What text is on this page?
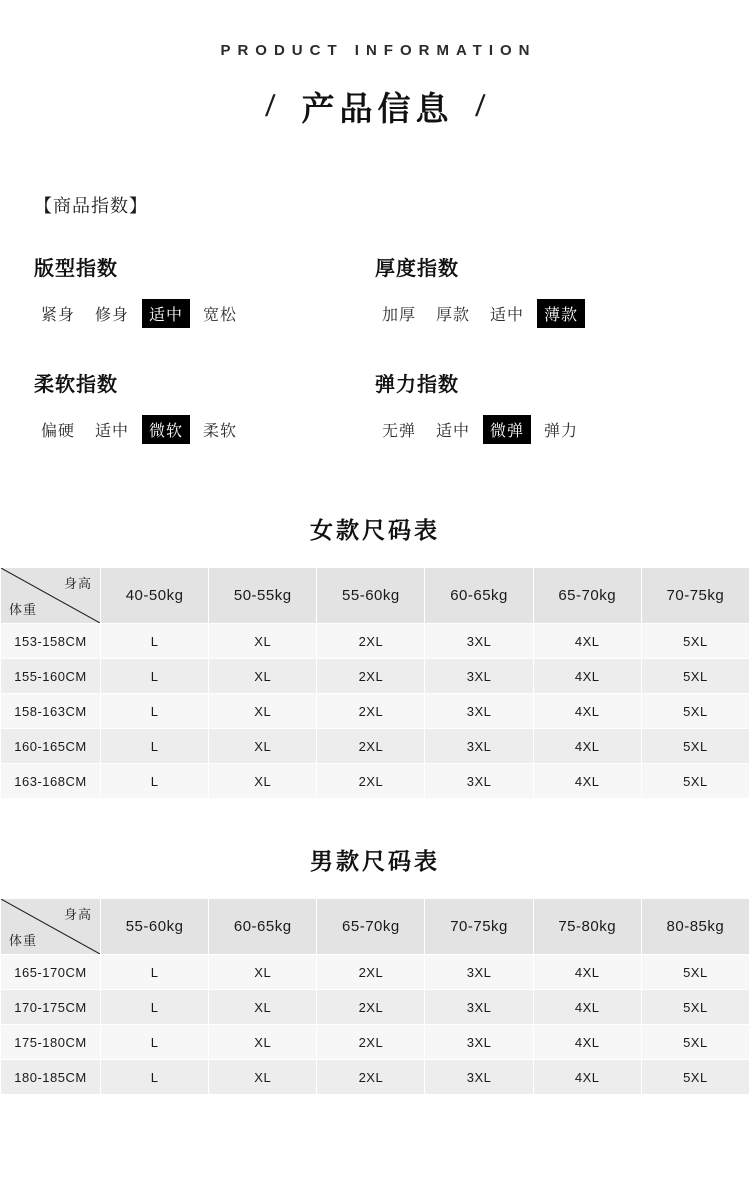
PRODUCT INFORMATION
/ 产品信息 /
【商品指数】
版型指数
紧身	修身	适中	宽松
厚度指数
加厚	厚款	适中	薄款
柔软指数
偏硬	适中	微软	柔软
弹力指数
无弹	适中	微弹	弹力
女款尺码表
身高
体重	40-50kg	50-55kg	55-60kg	60-65kg	65-70kg	70-75kg
153-158CM	L	XL	2XL	3XL	4XL	5XL
155-160CM	L	XL	2XL	3XL	4XL	5XL
158-163CM	L	XL	2XL	3XL	4XL	5XL
160-165CM	L	XL	2XL	3XL	4XL	5XL
163-168CM	L	XL	2XL	3XL	4XL	5XL
男款尺码表
身高
体重	55-60kg	60-65kg	65-70kg	70-75kg	75-80kg	80-85kg
165-170CM	L	XL	2XL	3XL	4XL	5XL
170-175CM	L	XL	2XL	3XL	4XL	5XL
175-180CM	L	XL	2XL	3XL	4XL	5XL
180-185CM	L	XL	2XL	3XL	4XL	5XL
